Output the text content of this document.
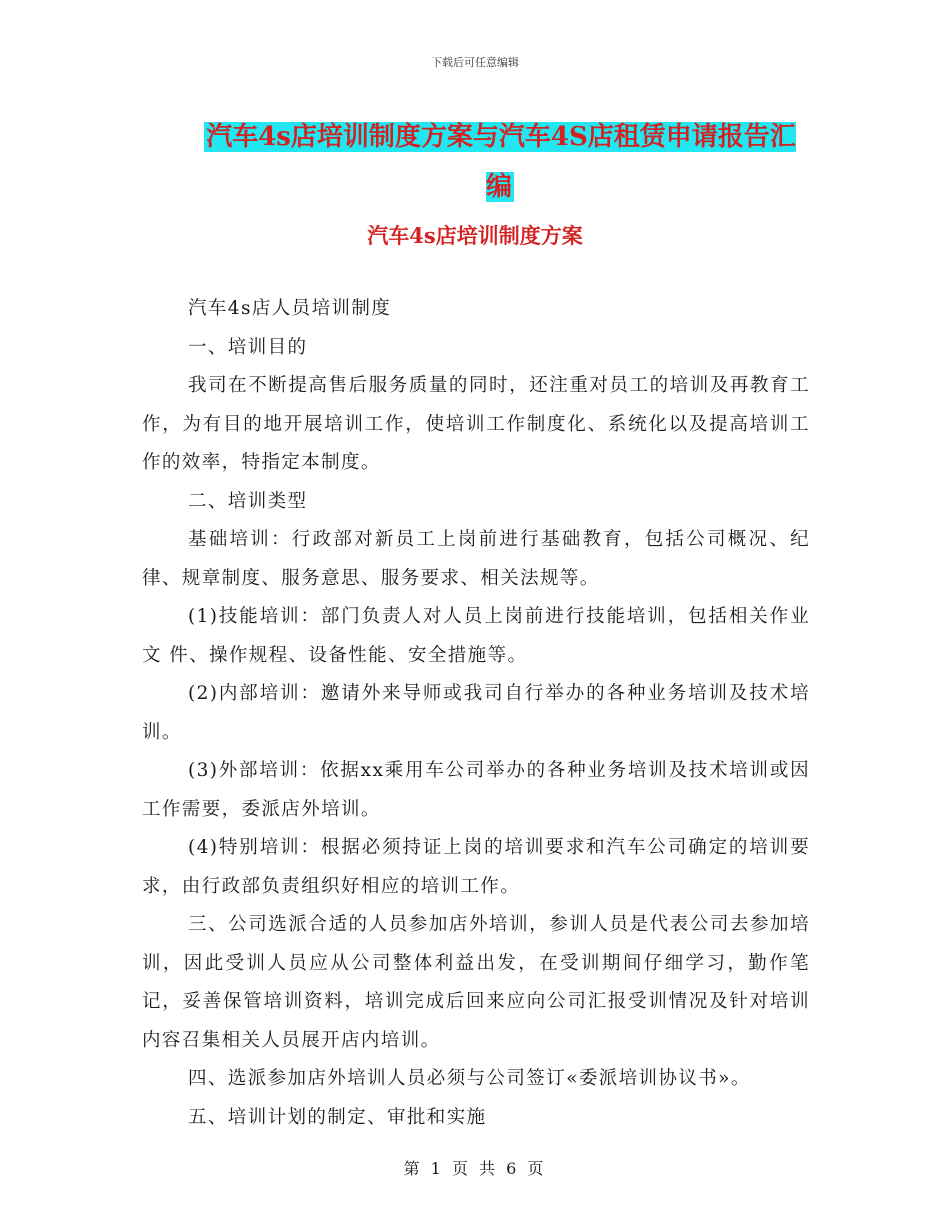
下载后可任意编辑
汽车4s店培训制度方案与汽车4S店租赁申请报告汇编
汽车4s店培训制度方案

汽车4s店人员培训制度

一、培训目的

我司在不断提高售后服务质量的同时，还注重对员工的培训及再教育工作，为有目的地开展培训工作，使培训工作制度化、系统化以及提高培训工作的效率，特指定本制度。

二、培训类型

基础培训：行政部对新员工上岗前进行基础教育，包括公司概况、纪律、规章制度、服务意思、服务要求、相关法规等。

(1)技能培训：部门负责人对人员上岗前进行技能培训，包括相关作业文 件、操作规程、设备性能、安全措施等。

(2)内部培训：邀请外来导师或我司自行举办的各种业务培训及技术培训。

(3)外部培训：依据xx乘用车公司举办的各种业务培训及技术培训或因工作需要，委派店外培训。

(4)特别培训：根据必须持证上岗的培训要求和汽车公司确定的培训要求，由行政部负责组织好相应的培训工作。

三、公司选派合适的人员参加店外培训，参训人员是代表公司去参加培训，因此受训人员应从公司整体利益出发，在受训期间仔细学习，勤作笔记，妥善保管培训资料，培训完成后回来应向公司汇报受训情况及针对培训内容召集相关人员展开店内培训。

四、选派参加店外培训人员必须与公司签订«委派培训协议书»。

五、培训计划的制定、审批和实施

第 1 页 共 6 页
